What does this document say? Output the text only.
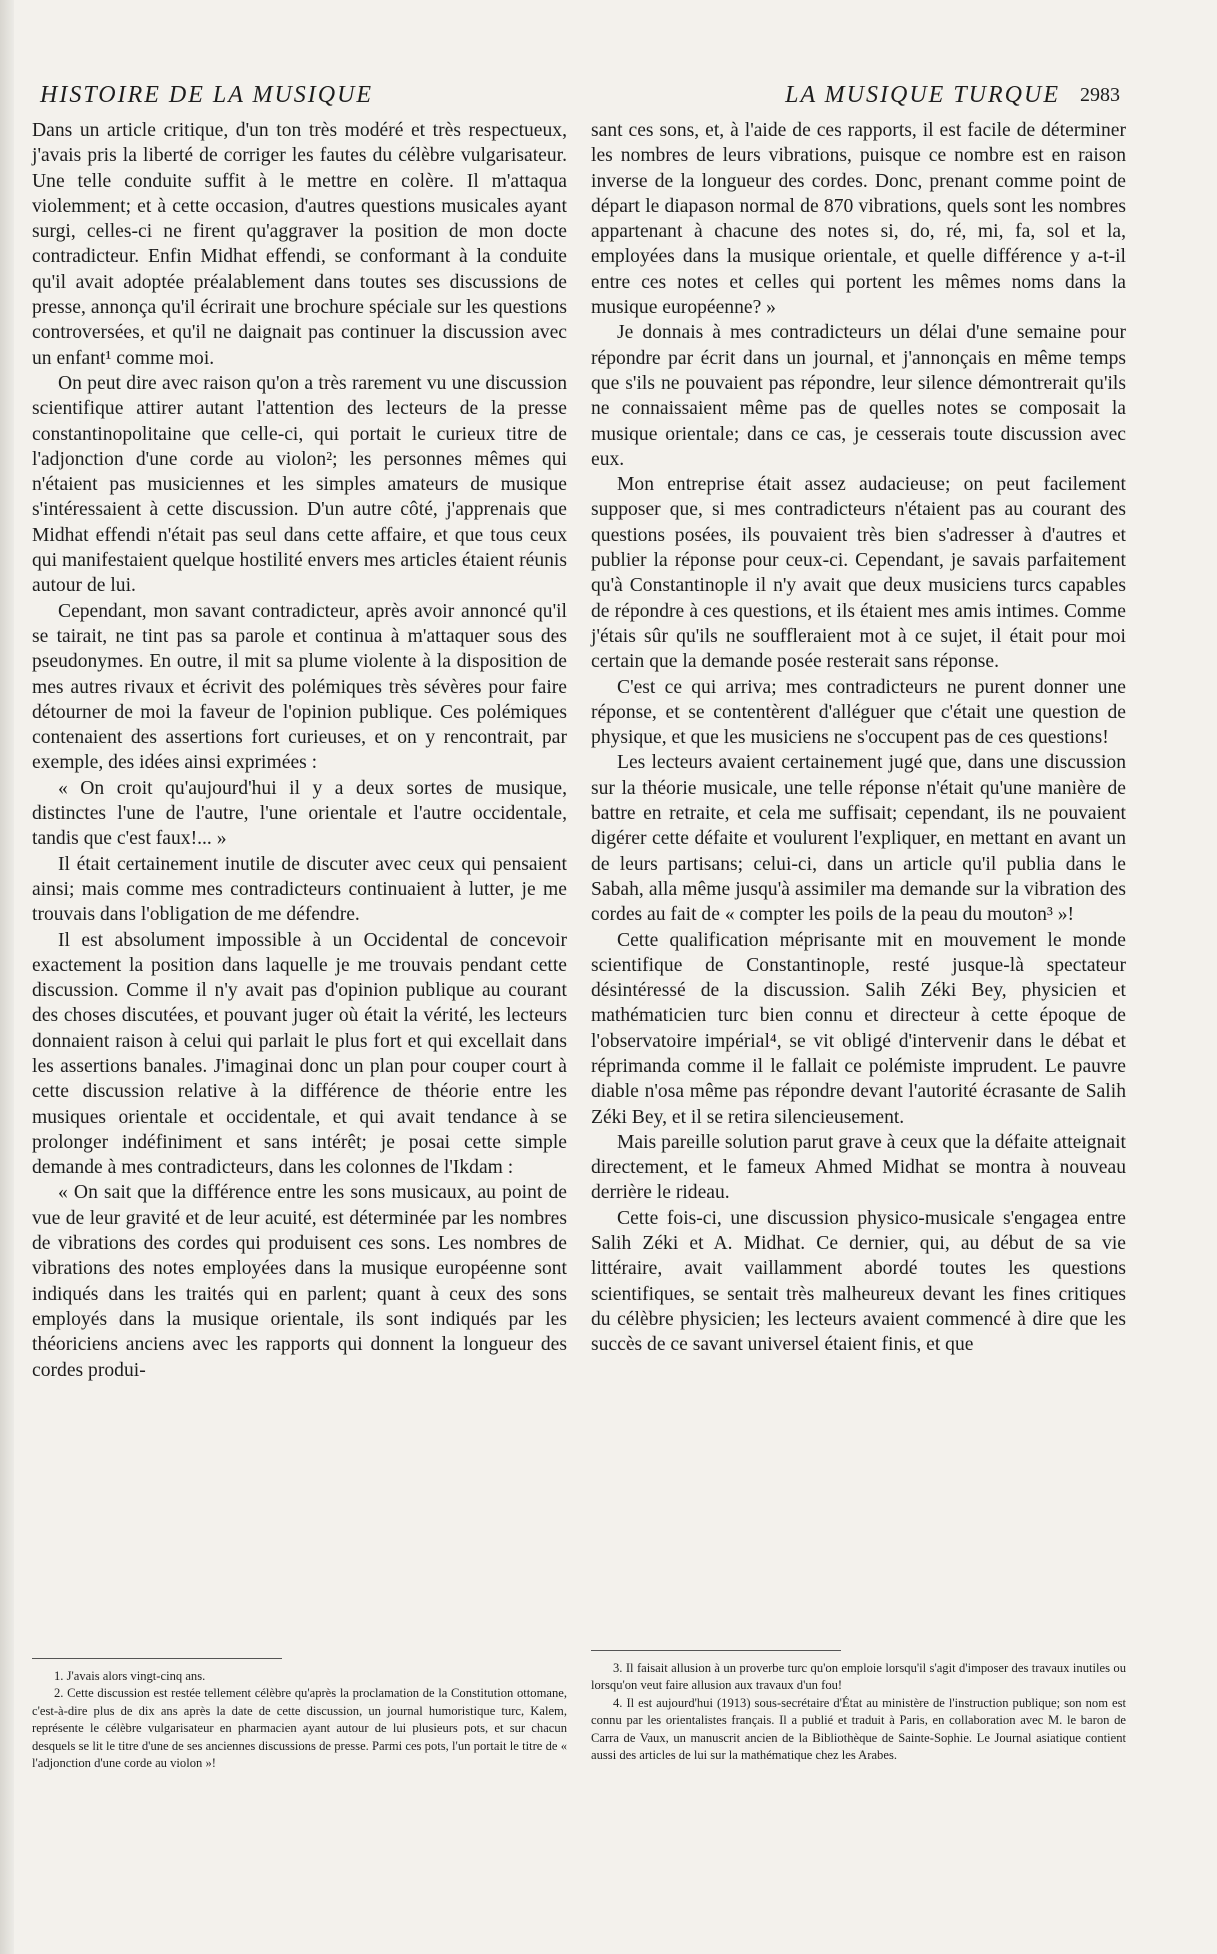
HISTOIRE DE LA MUSIQUE	LA MUSIQUE TURQUE 2983

Dans un article critique, d'un ton très modéré et très respectueux, j'avais pris la liberté de corriger les fautes du célèbre vulgarisateur. Une telle conduite suffit à le mettre en colère. Il m'attaqua violemment; et à cette occasion, d'autres questions musicales ayant surgi, celles-ci ne firent qu'aggraver la position de mon docte contradicteur. Enfin Midhat effendi, se conformant à la conduite qu'il avait adoptée préalablement dans toutes ses discussions de presse, annonça qu'il écrirait une brochure spéciale sur les questions controversées, et qu'il ne daignait pas continuer la discussion avec un enfant¹ comme moi.

On peut dire avec raison qu'on a très rarement vu une discussion scientifique attirer autant l'attention des lecteurs de la presse constantinopolitaine que celle-ci, qui portait le curieux titre de l'adjonction d'une corde au violon²; les personnes mêmes qui n'étaient pas musiciennes et les simples amateurs de musique s'intéressaient à cette discussion. D'un autre côté, j'apprenais que Midhat effendi n'était pas seul dans cette affaire, et que tous ceux qui manifestaient quelque hostilité envers mes articles étaient réunis autour de lui.

Cependant, mon savant contradicteur, après avoir annoncé qu'il se tairait, ne tint pas sa parole et continua à m'attaquer sous des pseudonymes. En outre, il mit sa plume violente à la disposition de mes autres rivaux et écrivit des polémiques très sévères pour faire détourner de moi la faveur de l'opinion publique. Ces polémiques contenaient des assertions fort curieuses, et on y rencontrait, par exemple, des idées ainsi exprimées :

« On croit qu'aujourd'hui il y a deux sortes de musique, distinctes l'une de l'autre, l'une orientale et l'autre occidentale, tandis que c'est faux!... »

Il était certainement inutile de discuter avec ceux qui pensaient ainsi; mais comme mes contradicteurs continuaient à lutter, je me trouvais dans l'obligation de me défendre.

Il est absolument impossible à un Occidental de concevoir exactement la position dans laquelle je me trouvais pendant cette discussion. Comme il n'y avait pas d'opinion publique au courant des choses discutées, et pouvant juger où était la vérité, les lecteurs donnaient raison à celui qui parlait le plus fort et qui excellait dans les assertions banales. J'imaginai donc un plan pour couper court à cette discussion relative à la différence de théorie entre les musiques orientale et occidentale, et qui avait tendance à se prolonger indéfiniment et sans intérêt; je posai cette simple demande à mes contradicteurs, dans les colonnes de l'Ikdam :

« On sait que la différence entre les sons musicaux, au point de vue de leur gravité et de leur acuité, est déterminée par les nombres de vibrations des cordes qui produisent ces sons. Les nombres de vibrations des notes employées dans la musique européenne sont indiqués dans les traités qui en parlent; quant à ceux des sons employés dans la musique orientale, ils sont indiqués par les théoriciens anciens avec les rapports qui donnent la longueur des cordes produi-

sant ces sons, et, à l'aide de ces rapports, il est facile de déterminer les nombres de leurs vibrations, puisque ce nombre est en raison inverse de la longueur des cordes. Donc, prenant comme point de départ le diapason normal de 870 vibrations, quels sont les nombres appartenant à chacune des notes si, do, ré, mi, fa, sol et la, employées dans la musique orientale, et quelle différence y a-t-il entre ces notes et celles qui portent les mêmes noms dans la musique européenne? »

Je donnais à mes contradicteurs un délai d'une semaine pour répondre par écrit dans un journal, et j'annonçais en même temps que s'ils ne pouvaient pas répondre, leur silence démontrerait qu'ils ne connaissaient même pas de quelles notes se composait la musique orientale; dans ce cas, je cesserais toute discussion avec eux.

Mon entreprise était assez audacieuse; on peut facilement supposer que, si mes contradicteurs n'étaient pas au courant des questions posées, ils pouvaient très bien s'adresser à d'autres et publier la réponse pour ceux-ci. Cependant, je savais parfaitement qu'à Constantinople il n'y avait que deux musiciens turcs capables de répondre à ces questions, et ils étaient mes amis intimes. Comme j'étais sûr qu'ils ne souffleraient mot à ce sujet, il était pour moi certain que la demande posée resterait sans réponse.

C'est ce qui arriva; mes contradicteurs ne purent donner une réponse, et se contentèrent d'alléguer que c'était une question de physique, et que les musiciens ne s'occupent pas de ces questions!

Les lecteurs avaient certainement jugé que, dans une discussion sur la théorie musicale, une telle réponse n'était qu'une manière de battre en retraite, et cela me suffisait; cependant, ils ne pouvaient digérer cette défaite et voulurent l'expliquer, en mettant en avant un de leurs partisans; celui-ci, dans un article qu'il publia dans le Sabah, alla même jusqu'à assimiler ma demande sur la vibration des cordes au fait de « compter les poils de la peau du mouton³ »!

Cette qualification méprisante mit en mouvement le monde scientifique de Constantinople, resté jusque-là spectateur désintéressé de la discussion. Salih Zéki Bey, physicien et mathématicien turc bien connu et directeur à cette époque de l'observatoire impérial⁴, se vit obligé d'intervenir dans le débat et réprimanda comme il le fallait ce polémiste imprudent. Le pauvre diable n'osa même pas répondre devant l'autorité écrasante de Salih Zéki Bey, et il se retira silencieusement.

Mais pareille solution parut grave à ceux que la défaite atteignait directement, et le fameux Ahmed Midhat se montra à nouveau derrière le rideau.

Cette fois-ci, une discussion physico-musicale s'engagea entre Salih Zéki et A. Midhat. Ce dernier, qui, au début de sa vie littéraire, avait vaillamment abordé toutes les questions scientifiques, se sentait très malheureux devant les fines critiques du célèbre physicien; les lecteurs avaient commencé à dire que les succès de ce savant universel étaient finis, et que

1. J'avais alors vingt-cinq ans.

2. Cette discussion est restée tellement célèbre qu'après la proclamation de la Constitution ottomane, c'est-à-dire plus de dix ans après la date de cette discussion, un journal humoristique turc, Kalem, représente le célèbre vulgarisateur en pharmacien ayant autour de lui plusieurs pots, et sur chacun desquels se lit le titre d'une de ses anciennes discussions de presse. Parmi ces pots, l'un portait le titre de « l'adjonction d'une corde au violon »!

3. Il faisait allusion à un proverbe turc qu'on emploie lorsqu'il s'agit d'imposer des travaux inutiles ou lorsqu'on veut faire allusion aux travaux d'un fou!

4. Il est aujourd'hui (1913) sous-secrétaire d'État au ministère de l'instruction publique; son nom est connu par les orientalistes français. Il a publié et traduit à Paris, en collaboration avec M. le baron de Carra de Vaux, un manuscrit ancien de la Bibliothèque de Sainte-Sophie. Le Journal asiatique contient aussi des articles de lui sur la mathématique chez les Arabes.
